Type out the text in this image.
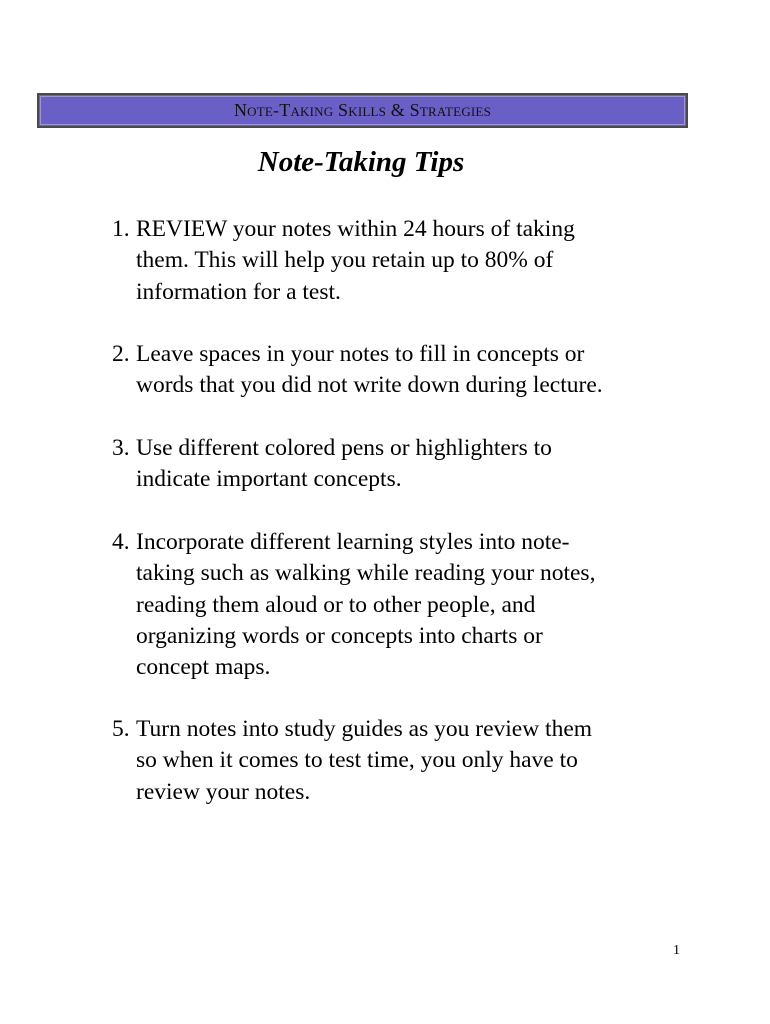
Note-Taking Skills & Strategies
Note-Taking Tips
1. REVIEW your notes within 24 hours of taking
them. This will help you retain up to 80% of
information for a test.
2. Leave spaces in your notes to fill in concepts or
words that you did not write down during lecture.
3. Use different colored pens or highlighters to
indicate important concepts.
4. Incorporate different learning styles into note-
taking such as walking while reading your notes,
reading them aloud or to other people, and
organizing words or concepts into charts or
concept maps.
5. Turn notes into study guides as you review them
so when it comes to test time, you only have to
review your notes.
1
